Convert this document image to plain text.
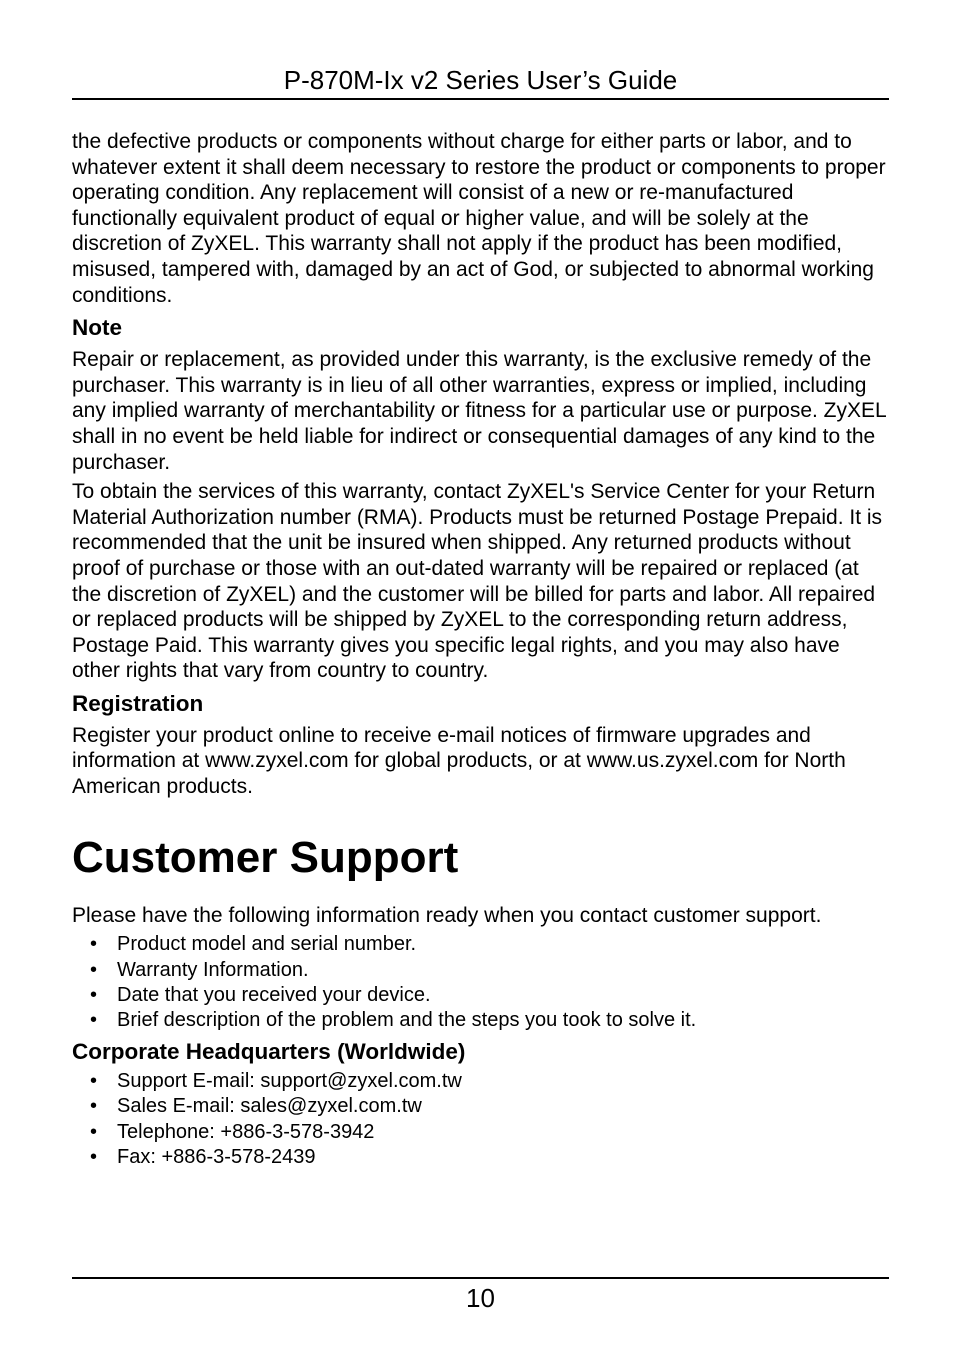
P-870M-Ix v2 Series User’s Guide

the defective products or components without charge for either parts or labor, and to whatever extent it shall deem necessary to restore the product or components to proper operating condition. Any replacement will consist of a new or re-manufactured functionally equivalent product of equal or higher value, and will be solely at the discretion of ZyXEL. This warranty shall not apply if the product has been modified, misused, tampered with, damaged by an act of God, or subjected to abnormal working conditions.

Note

Repair or replacement, as provided under this warranty, is the exclusive remedy of the purchaser. This warranty is in lieu of all other warranties, express or implied, including any implied warranty of merchantability or fitness for a particular use or purpose. ZyXEL shall in no event be held liable for indirect or consequential damages of any kind to the purchaser.

To obtain the services of this warranty, contact ZyXEL's Service Center for your Return Material Authorization number (RMA). Products must be returned Postage Prepaid. It is recommended that the unit be insured when shipped. Any returned products without proof of purchase or those with an out-dated warranty will be repaired or replaced (at the discretion of ZyXEL) and the customer will be billed for parts and labor. All repaired or replaced products will be shipped by ZyXEL to the corresponding return address, Postage Paid. This warranty gives you specific legal rights, and you may also have other rights that vary from country to country.

Registration

Register your product online to receive e-mail notices of firmware upgrades and information at www.zyxel.com for global products, or at www.us.zyxel.com for North American products.

Customer Support

Please have the following information ready when you contact customer support.

• Product model and serial number.
• Warranty Information.
• Date that you received your device.
• Brief description of the problem and the steps you took to solve it.
Corporate Headquarters (Worldwide)
• Support E-mail: support@zyxel.com.tw
• Sales E-mail: sales@zyxel.com.tw
• Telephone: +886-3-578-3942
• Fax: +886-3-578-2439
10
